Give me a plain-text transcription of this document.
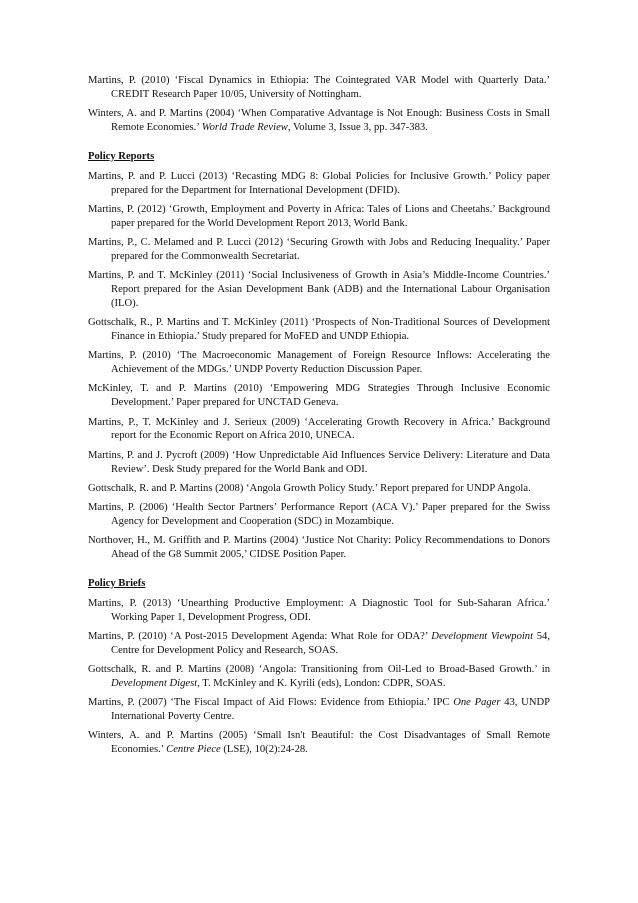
Martins, P. (2010) ‘Fiscal Dynamics in Ethiopia: The Cointegrated VAR Model with Quarterly Data.’ CREDIT Research Paper 10/05, University of Nottingham.

Winters, A. and P. Martins (2004) ‘When Comparative Advantage is Not Enough: Business Costs in Small Remote Economies.’ World Trade Review, Volume 3, Issue 3, pp. 347-383.

Policy Reports

Martins, P. and P. Lucci (2013) ‘Recasting MDG 8: Global Policies for Inclusive Growth.’ Policy paper prepared for the Department for International Development (DFID).

Martins, P. (2012) ‘Growth, Employment and Poverty in Africa: Tales of Lions and Cheetahs.’ Background paper prepared for the World Development Report 2013, World Bank.

Martins, P., C. Melamed and P. Lucci (2012) ‘Securing Growth with Jobs and Reducing Inequality.’ Paper prepared for the Commonwealth Secretariat.

Martins, P. and T. McKinley (2011) ‘Social Inclusiveness of Growth in Asia’s Middle-Income Countries.’ Report prepared for the Asian Development Bank (ADB) and the International Labour Organisation (ILO).

Gottschalk, R., P. Martins and T. McKinley (2011) ‘Prospects of Non-Traditional Sources of Development Finance in Ethiopia.’ Study prepared for MoFED and UNDP Ethiopia.

Martins, P. (2010) ‘The Macroeconomic Management of Foreign Resource Inflows: Accelerating the Achievement of the MDGs.’ UNDP Poverty Reduction Discussion Paper.

McKinley, T. and P. Martins (2010) ‘Empowering MDG Strategies Through Inclusive Economic Development.’ Paper prepared for UNCTAD Geneva.

Martins, P., T. McKinley and J. Serieux (2009) ‘Accelerating Growth Recovery in Africa.’ Background report for the Economic Report on Africa 2010, UNECA.

Martins, P. and J. Pycroft (2009) ‘How Unpredictable Aid Influences Service Delivery: Literature and Data Review’. Desk Study prepared for the World Bank and ODI.

Gottschalk, R. and P. Martins (2008) ‘Angola Growth Policy Study.’ Report prepared for UNDP Angola.

Martins, P. (2006) ‘Health Sector Partners’ Performance Report (ACA V).’ Paper prepared for the Swiss Agency for Development and Cooperation (SDC) in Mozambique.

Northover, H., M. Griffith and P. Martins (2004) ‘Justice Not Charity: Policy Recommendations to Donors Ahead of the G8 Summit 2005,’ CIDSE Position Paper.

Policy Briefs

Martins, P. (2013) ‘Unearthing Productive Employment: A Diagnostic Tool for Sub-Saharan Africa.’ Working Paper 1, Development Progress, ODI.

Martins, P. (2010) ‘A Post-2015 Development Agenda: What Role for ODA?’ Development Viewpoint 54, Centre for Development Policy and Research, SOAS.

Gottschalk, R. and P. Martins (2008) ‘Angola: Transitioning from Oil-Led to Broad-Based Growth.’ in Development Digest, T. McKinley and K. Kyrili (eds), London: CDPR, SOAS.

Martins, P. (2007) ‘The Fiscal Impact of Aid Flows: Evidence from Ethiopia.’ IPC One Pager 43, UNDP International Poverty Centre.

Winters, A. and P. Martins (2005) ‘Small Isn't Beautiful: the Cost Disadvantages of Small Remote Economies.’ Centre Piece (LSE), 10(2):24-28.
